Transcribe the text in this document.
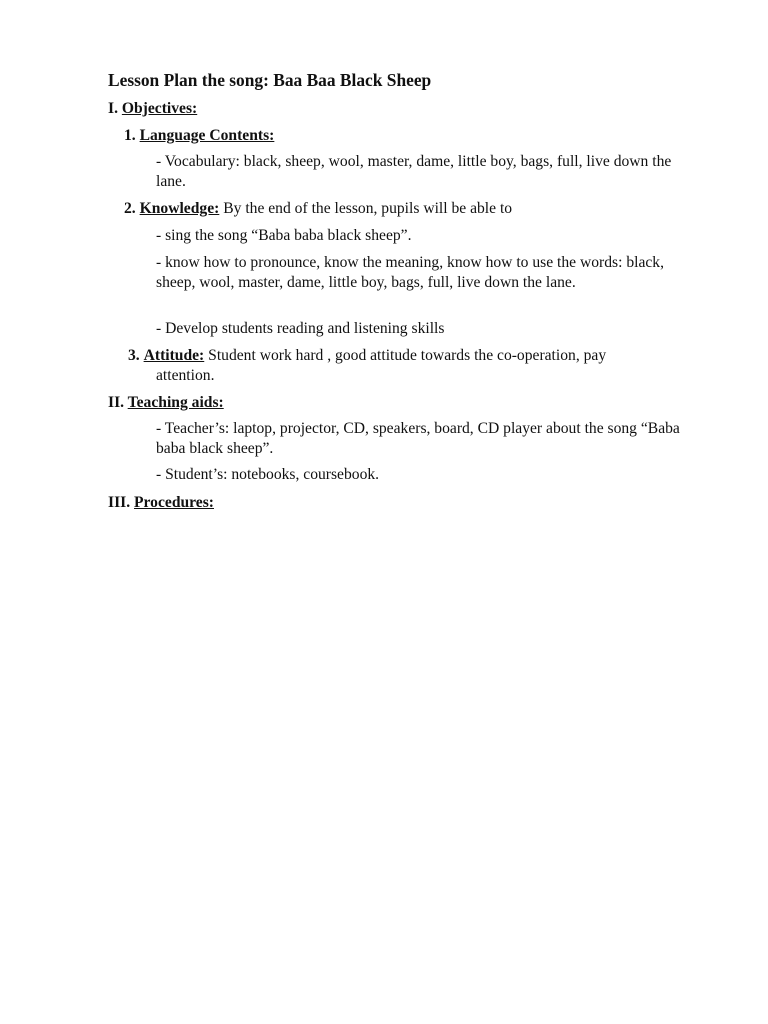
Lesson Plan the song: Baa Baa Black Sheep
I. Objectives:
1. Language Contents:
- Vocabulary: black, sheep, wool, master, dame, little boy, bags, full, live down the lane.
2. Knowledge: By the end of the lesson, pupils will be able to
- sing the song “Baba baba black sheep”.
- know how to pronounce, know the meaning, know how to use the words: black, sheep, wool, master, dame, little boy, bags, full, live down the lane.
- Develop students reading and listening skills
3. Attitude: Student work hard , good attitude towards the co-operation, pay
attention.
II. Teaching aids:
- Teacher’s: laptop, projector, CD, speakers, board, CD player about the song “Baba baba black sheep”.
- Student’s: notebooks, coursebook.
III. Procedures:
